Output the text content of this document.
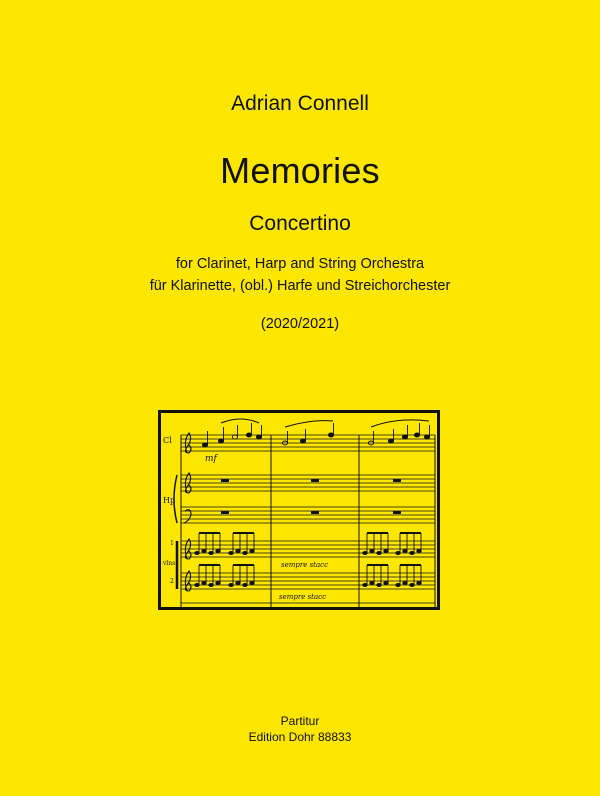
Adrian Connell
Memories
Concertino
for Clarinet, Harp and String Orchestra
für Klarinette, (obl.) Harfe und Streichorchester
(2020/2021)
Cl
Hp
vlns
1
2
mf
sempre stacc
sempre stacc
Partitur
Edition Dohr 88833
